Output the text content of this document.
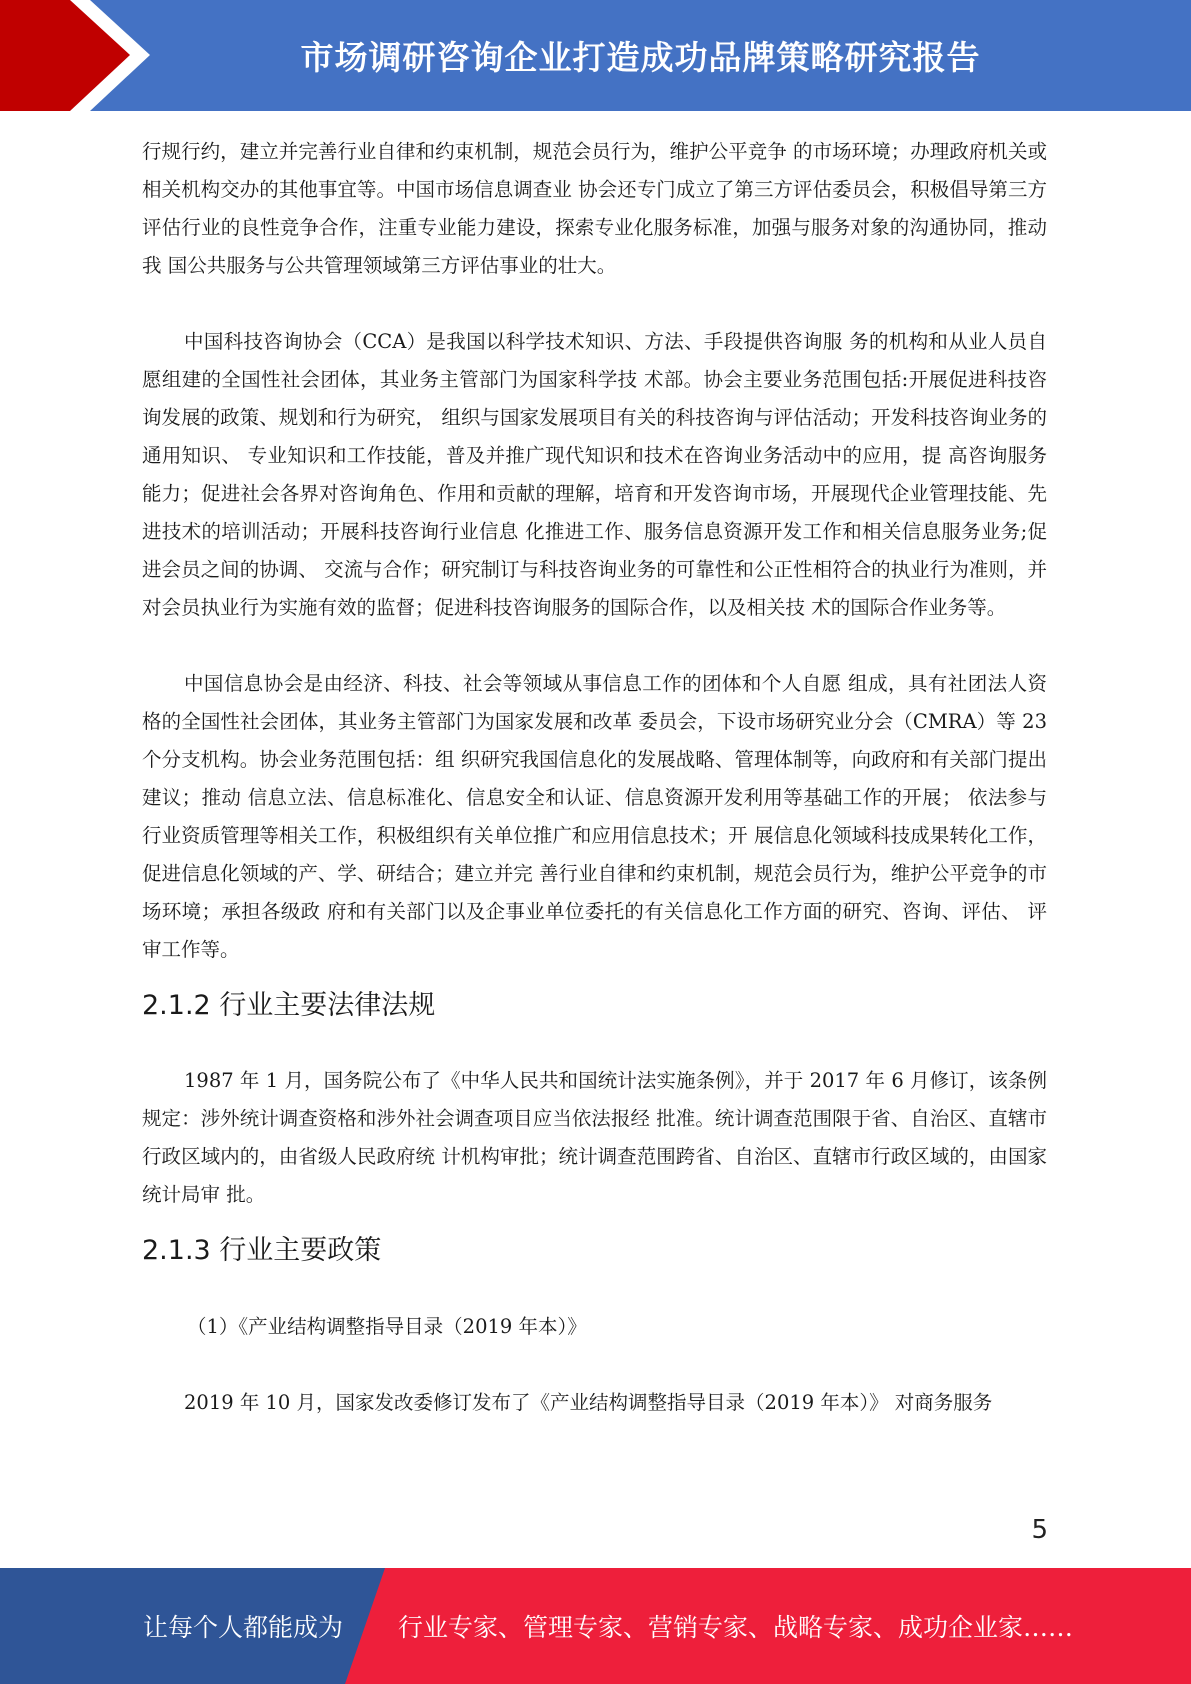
市场调研咨询企业打造成功品牌策略研究报告

行规行约，建立并完善行业自律和约束机制，规范会员行为，维护公平竞争 的市场环境；办理政府机关或相关机构交办的其他事宜等。中国市场信息调查业 协会还专门成立了第三方评估委员会，积极倡导第三方评估行业的良性竞争合作，注重专业能力建设，探索专业化服务标准，加强与服务对象的沟通协同，推动我 国公共服务与公共管理领域第三方评估事业的壮大。

中国科技咨询协会（CCA）是我国以科学技术知识、方法、手段提供咨询服 务的机构和从业人员自愿组建的全国性社会团体，其业务主管部门为国家科学技 术部。协会主要业务范围包括:开展促进科技咨询发展的政策、规划和行为研究， 组织与国家发展项目有关的科技咨询与评估活动；开发科技咨询业务的通用知识、 专业知识和工作技能，普及并推广现代知识和技术在咨询业务活动中的应用，提 高咨询服务能力；促进社会各界对咨询角色、作用和贡献的理解，培育和开发咨询市场，开展现代企业管理技能、先进技术的培训活动；开展科技咨询行业信息 化推进工作、服务信息资源开发工作和相关信息服务业务;促进会员之间的协调、 交流与合作；研究制订与科技咨询业务的可靠性和公正性相符合的执业行为准则，并对会员执业行为实施有效的监督；促进科技咨询服务的国际合作，以及相关技 术的国际合作业务等。

中国信息协会是由经济、科技、社会等领域从事信息工作的团体和个人自愿 组成，具有社团法人资格的全国性社会团体，其业务主管部门为国家发展和改革 委员会，下设市场研究业分会（CMRA）等 23 个分支机构。协会业务范围包括：组 织研究我国信息化的发展战略、管理体制等，向政府和有关部门提出建议；推动 信息立法、信息标准化、信息安全和认证、信息资源开发利用等基础工作的开展； 依法参与行业资质管理等相关工作，积极组织有关单位推广和应用信息技术；开 展信息化领域科技成果转化工作，促进信息化领域的产、学、研结合；建立并完 善行业自律和约束机制，规范会员行为，维护公平竞争的市场环境；承担各级政 府和有关部门以及企事业单位委托的有关信息化工作方面的研究、咨询、评估、 评审工作等。

2.1.2 行业主要法律法规

1987 年 1 月，国务院公布了《中华人民共和国统计法实施条例》，并于 2017 年 6 月修订，该条例规定：涉外统计调查资格和涉外社会调查项目应当依法报经 批准。统计调查范围限于省、自治区、直辖市行政区域内的，由省级人民政府统 计机构审批；统计调查范围跨省、自治区、直辖市行政区域的，由国家统计局审 批。

2.1.3 行业主要政策

（1）《产业结构调整指导目录（2019 年本）》

2019 年 10 月，国家发改委修订发布了《产业结构调整指导目录（2019 年本）》 对商务服务

5
让每个人都能成为 行业专家、管理专家、营销专家、战略专家、成功企业家……
